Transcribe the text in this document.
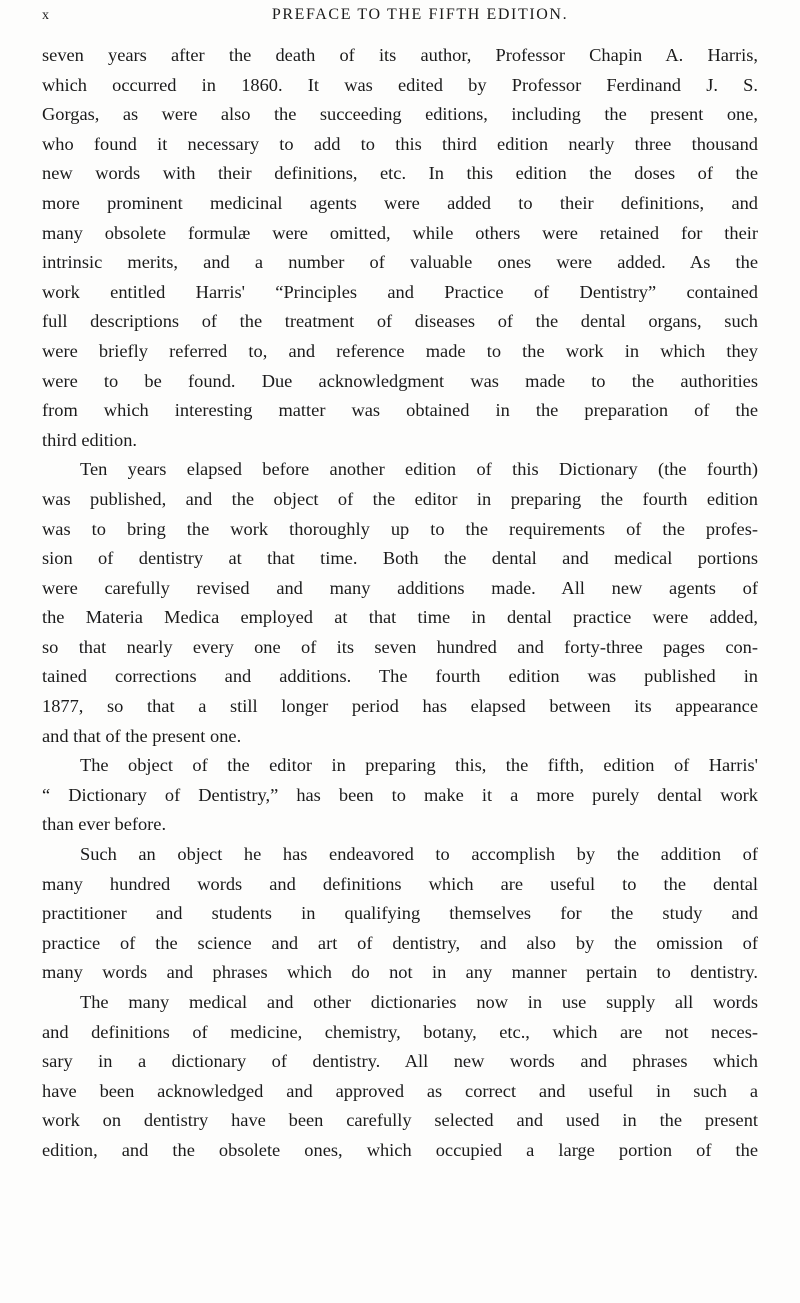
x	PREFACE TO THE FIFTH EDITION.
seven years after the death of its author, Professor Chapin A. Harris,
which occurred in 1860. It was edited by Professor Ferdinand J. S.
Gorgas, as were also the succeeding editions, including the present one,
who found it necessary to add to this third edition nearly three thousand
new words with their definitions, etc. In this edition the doses of the
more prominent medicinal agents were added to their definitions, and
many obsolete formulæ were omitted, while others were retained for their
intrinsic merits, and a number of valuable ones were added. As the
work entitled Harris' “Principles and Practice of Dentistry” contained
full descriptions of the treatment of diseases of the dental organs, such
were briefly referred to, and reference made to the work in which they
were to be found. Due acknowledgment was made to the authorities
from which interesting matter was obtained in the preparation of the
third edition.
Ten years elapsed before another edition of this Dictionary (the fourth)
was published, and the object of the editor in preparing the fourth edition
was to bring the work thoroughly up to the requirements of the profes-
sion of dentistry at that time. Both the dental and medical portions
were carefully revised and many additions made. All new agents of
the Materia Medica employed at that time in dental practice were added,
so that nearly every one of its seven hundred and forty-three pages con-
tained corrections and additions. The fourth edition was published in
1877, so that a still longer period has elapsed between its appearance
and that of the present one.
The object of the editor in preparing this, the fifth, edition of Harris'
“ Dictionary of Dentistry,” has been to make it a more purely dental work
than ever before.
Such an object he has endeavored to accomplish by the addition of
many hundred words and definitions which are useful to the dental
practitioner and students in qualifying themselves for the study and
practice of the science and art of dentistry, and also by the omission of
many words and phrases which do not in any manner pertain to dentistry.
The many medical and other dictionaries now in use supply all words
and definitions of medicine, chemistry, botany, etc., which are not neces-
sary in a dictionary of dentistry. All new words and phrases which
have been acknowledged and approved as correct and useful in such a
work on dentistry have been carefully selected and used in the present
edition, and the obsolete ones, which occupied a large portion of the
